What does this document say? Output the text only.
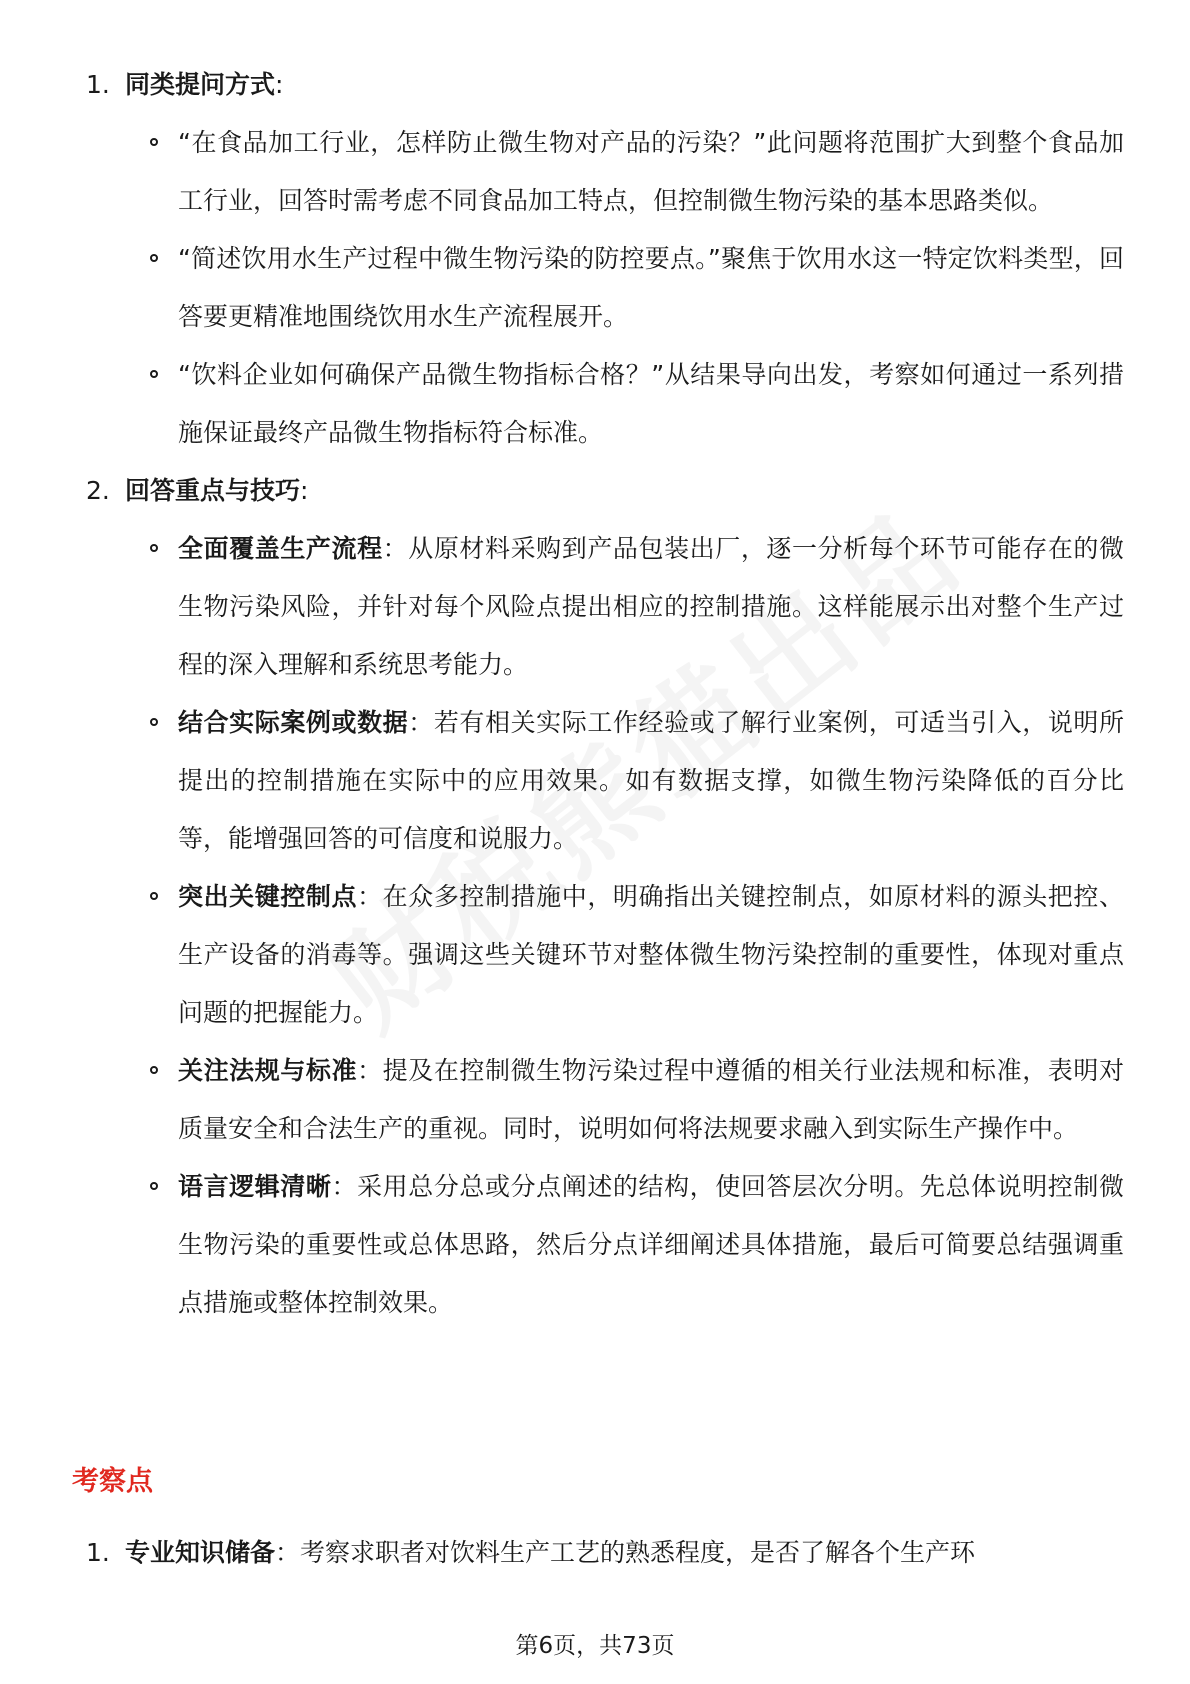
1. 同类提问方式:
“在食品加工行业，怎样防止微生物对产品的污染？”此问题将范围扩大到整个食品加工行业，回答时需考虑不同食品加工特点，但控制微生物污染的基本思路类似。
“简述饮用水生产过程中微生物污染的防控要点。”聚焦于饮用水这一特定饮料类型，回答要更精准地围绕饮用水生产流程展开。
“饮料企业如何确保产品微生物指标合格？”从结果导向出发，考察如何通过一系列措施保证最终产品微生物指标符合标准。
2. 回答重点与技巧:
全面覆盖生产流程：从原材料采购到产品包装出厂，逐一分析每个环节可能存在的微生物污染风险，并针对每个风险点提出相应的控制措施。这样能展示出对整个生产过程的深入理解和系统思考能力。
结合实际案例或数据：若有相关实际工作经验或了解行业案例，可适当引入，说明所提出的控制措施在实际中的应用效果。如有数据支撑，如微生物污染降低的百分比等，能增强回答的可信度和说服力。
突出关键控制点：在众多控制措施中，明确指出关键控制点，如原材料的源头把控、生产设备的消毒等。强调这些关键环节对整体微生物污染控制的重要性，体现对重点问题的把握能力。
关注法规与标准：提及在控制微生物污染过程中遵循的相关行业法规和标准，表明对质量安全和合法生产的重视。同时，说明如何将法规要求融入到实际生产操作中。
语言逻辑清晰：采用总分总或分点阐述的结构，使回答层次分明。先总体说明控制微生物污染的重要性或总体思路，然后分点详细阐述具体措施，最后可简要总结强调重点措施或整体控制效果。
考察点
1. 专业知识储备：考察求职者对饮料生产工艺的熟悉程度，是否了解各个生产环
第6页，共73页
